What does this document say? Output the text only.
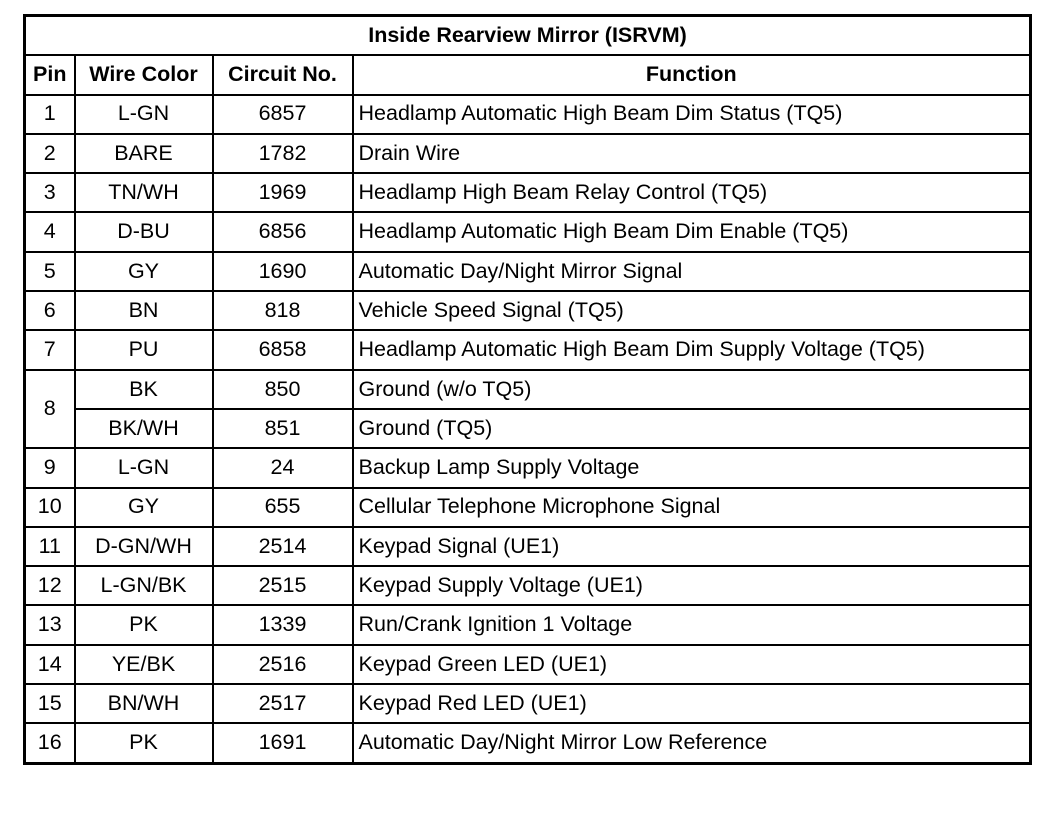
Inside Rearview Mirror (ISRVM)			
Pin	Wire Color	Circuit No.	Function
1	L-GN	6857	Headlamp Automatic High Beam Dim Status (TQ5)
2	BARE	1782	Drain Wire
3	TN/WH	1969	Headlamp High Beam Relay Control (TQ5)
4	D-BU	6856	Headlamp Automatic High Beam Dim Enable (TQ5)
5	GY	1690	Automatic Day/Night Mirror Signal
6	BN	818	Vehicle Speed Signal (TQ5)
7	PU	6858	Headlamp Automatic High Beam Dim Supply Voltage (TQ5)
8	BK	850	Ground (w/o TQ5)
	BK/WH	851	Ground (TQ5)
9	L-GN	24	Backup Lamp Supply Voltage
10	GY	655	Cellular Telephone Microphone Signal
11	D-GN/WH	2514	Keypad Signal (UE1)
12	L-GN/BK	2515	Keypad Supply Voltage (UE1)
13	PK	1339	Run/Crank Ignition 1 Voltage
14	YE/BK	2516	Keypad Green LED (UE1)
15	BN/WH	2517	Keypad Red LED (UE1)
16	PK	1691	Automatic Day/Night Mirror Low Reference
